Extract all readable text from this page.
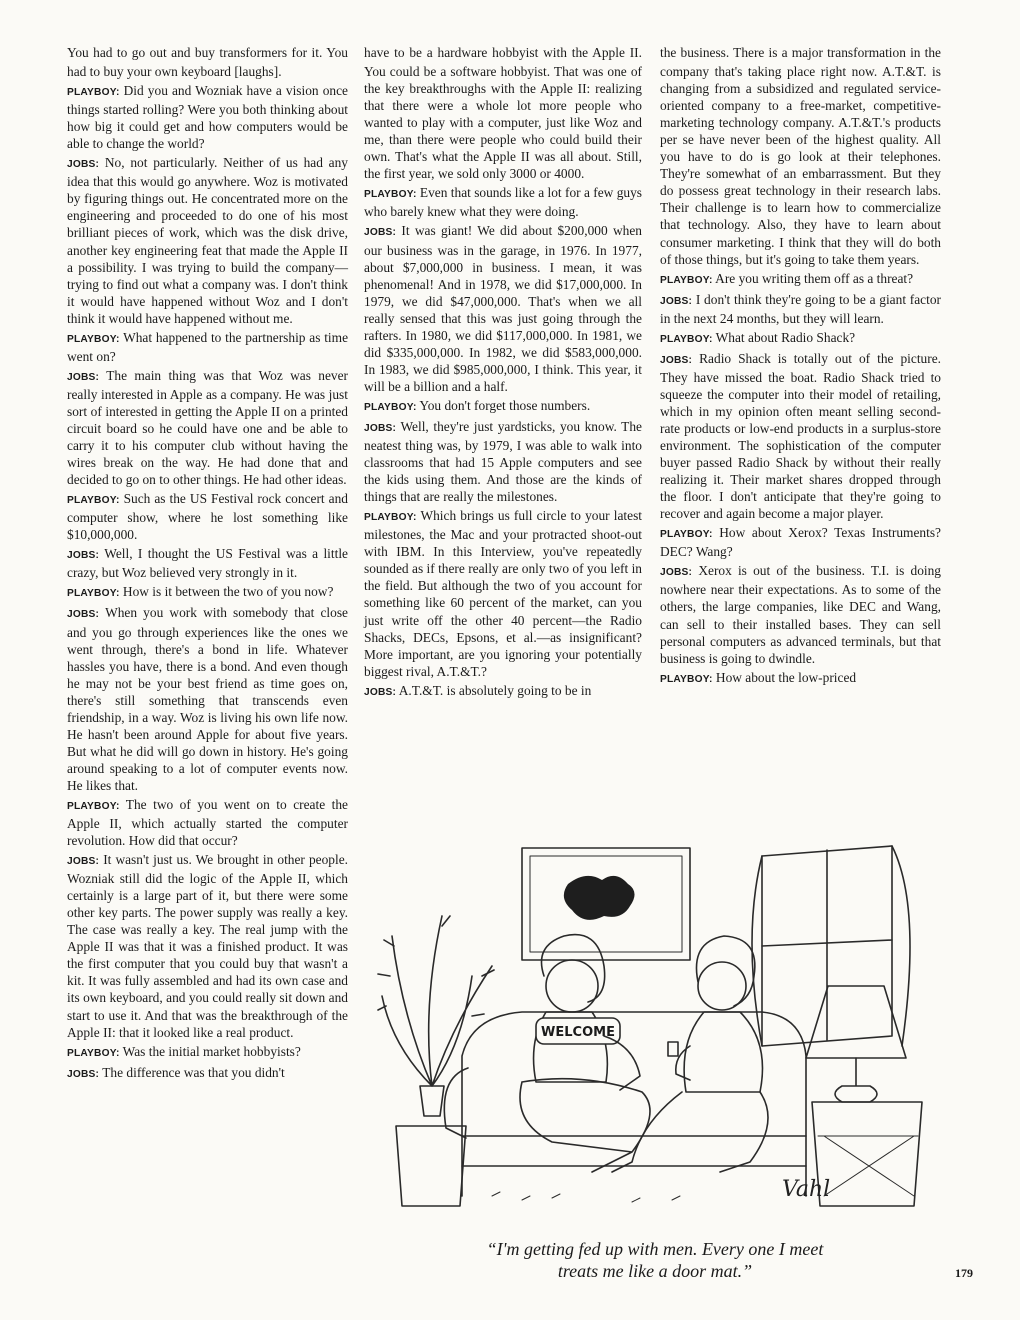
You had to go out and buy transformers for it. You had to buy your own keyboard [laughs].

PLAYBOY: Did you and Wozniak have a vision once things started rolling? Were you both thinking about how big it could get and how computers would be able to change the world?

JOBS: No, not particularly. Neither of us had any idea that this would go anywhere. Woz is motivated by figuring things out. He concentrated more on the engineering and proceeded to do one of his most brilliant pieces of work, which was the disk drive, another key engineering feat that made the Apple II a possibility. I was trying to build the company—trying to find out what a company was. I don't think it would have happened without Woz and I don't think it would have happened without me.

PLAYBOY: What happened to the partnership as time went on?

JOBS: The main thing was that Woz was never really interested in Apple as a company. He was just sort of interested in getting the Apple II on a printed circuit board so he could have one and be able to carry it to his computer club without having the wires break on the way. He had done that and decided to go on to other things. He had other ideas.

PLAYBOY: Such as the US Festival rock concert and computer show, where he lost something like $10,000,000.

JOBS: Well, I thought the US Festival was a little crazy, but Woz believed very strongly in it.

PLAYBOY: How is it between the two of you now?

JOBS: When you work with somebody that close and you go through experiences like the ones we went through, there's a bond in life. Whatever hassles you have, there is a bond. And even though he may not be your best friend as time goes on, there's still something that transcends even friendship, in a way. Woz is living his own life now. He hasn't been around Apple for about five years. But what he did will go down in history. He's going around speaking to a lot of computer events now. He likes that.

PLAYBOY: The two of you went on to create the Apple II, which actually started the computer revolution. How did that occur?

JOBS: It wasn't just us. We brought in other people. Wozniak still did the logic of the Apple II, which certainly is a large part of it, but there were some other key parts. The power supply was really a key. The case was really a key. The real jump with the Apple II was that it was a finished product. It was the first computer that you could buy that wasn't a kit. It was fully assembled and had its own case and its own keyboard, and you could really sit down and start to use it. And that was the breakthrough of the Apple II: that it looked like a real product.

PLAYBOY: Was the initial market hobbyists?

JOBS: The difference was that you didn't

have to be a hardware hobbyist with the Apple II. You could be a software hobbyist. That was one of the key breakthroughs with the Apple II: realizing that there were a whole lot more people who wanted to play with a computer, just like Woz and me, than there were people who could build their own. That's what the Apple II was all about. Still, the first year, we sold only 3000 or 4000.

PLAYBOY: Even that sounds like a lot for a few guys who barely knew what they were doing.

JOBS: It was giant! We did about $200,000 when our business was in the garage, in 1976. In 1977, about $7,000,000 in business. I mean, it was phenomenal! And in 1978, we did $17,000,000. In 1979, we did $47,000,000. That's when we all really sensed that this was just going through the rafters. In 1980, we did $117,000,000. In 1981, we did $335,000,000. In 1982, we did $583,000,000. In 1983, we did $985,000,000, I think. This year, it will be a billion and a half.

PLAYBOY: You don't forget those numbers.

JOBS: Well, they're just yardsticks, you know. The neatest thing was, by 1979, I was able to walk into classrooms that had 15 Apple computers and see the kids using them. And those are the kinds of things that are really the milestones.

PLAYBOY: Which brings us full circle to your latest milestones, the Mac and your protracted shoot-out with IBM. In this Interview, you've repeatedly sounded as if there really are only two of you left in the field. But although the two of you account for something like 60 percent of the market, can you just write off the other 40 percent—the Radio Shacks, DECs, Epsons, et al.—as insignificant? More important, are you ignoring your potentially biggest rival, A.T.&T.?

JOBS: A.T.&T. is absolutely going to be in

the business. There is a major transformation in the company that's taking place right now. A.T.&T. is changing from a subsidized and regulated service-oriented company to a free-market, competitive-marketing technology company. A.T.&T.'s products per se have never been of the highest quality. All you have to do is go look at their telephones. They're somewhat of an embarrassment. But they do possess great technology in their research labs. Their challenge is to learn how to commercialize that technology. Also, they have to learn about consumer marketing. I think that they will do both of those things, but it's going to take them years.

PLAYBOY: Are you writing them off as a threat?

JOBS: I don't think they're going to be a giant factor in the next 24 months, but they will learn.

PLAYBOY: What about Radio Shack?

JOBS: Radio Shack is totally out of the picture. They have missed the boat. Radio Shack tried to squeeze the computer into their model of retailing, which in my opinion often meant selling second-rate products or low-end products in a surplus-store environment. The sophistication of the computer buyer passed Radio Shack by without their really realizing it. Their market shares dropped through the floor. I don't anticipate that they're going to recover and again become a major player.

PLAYBOY: How about Xerox? Texas Instruments? DEC? Wang?

JOBS: Xerox is out of the business. T.I. is doing nowhere near their expectations. As to some of the others, the large companies, like DEC and Wang, can sell to their installed bases. They can sell personal computers as advanced terminals, but that business is going to dwindle.

PLAYBOY: How about the low-priced

WELCOME
Vahl
“I'm getting fed up with men. Every one I meet
treats me like a door mat.”	179
